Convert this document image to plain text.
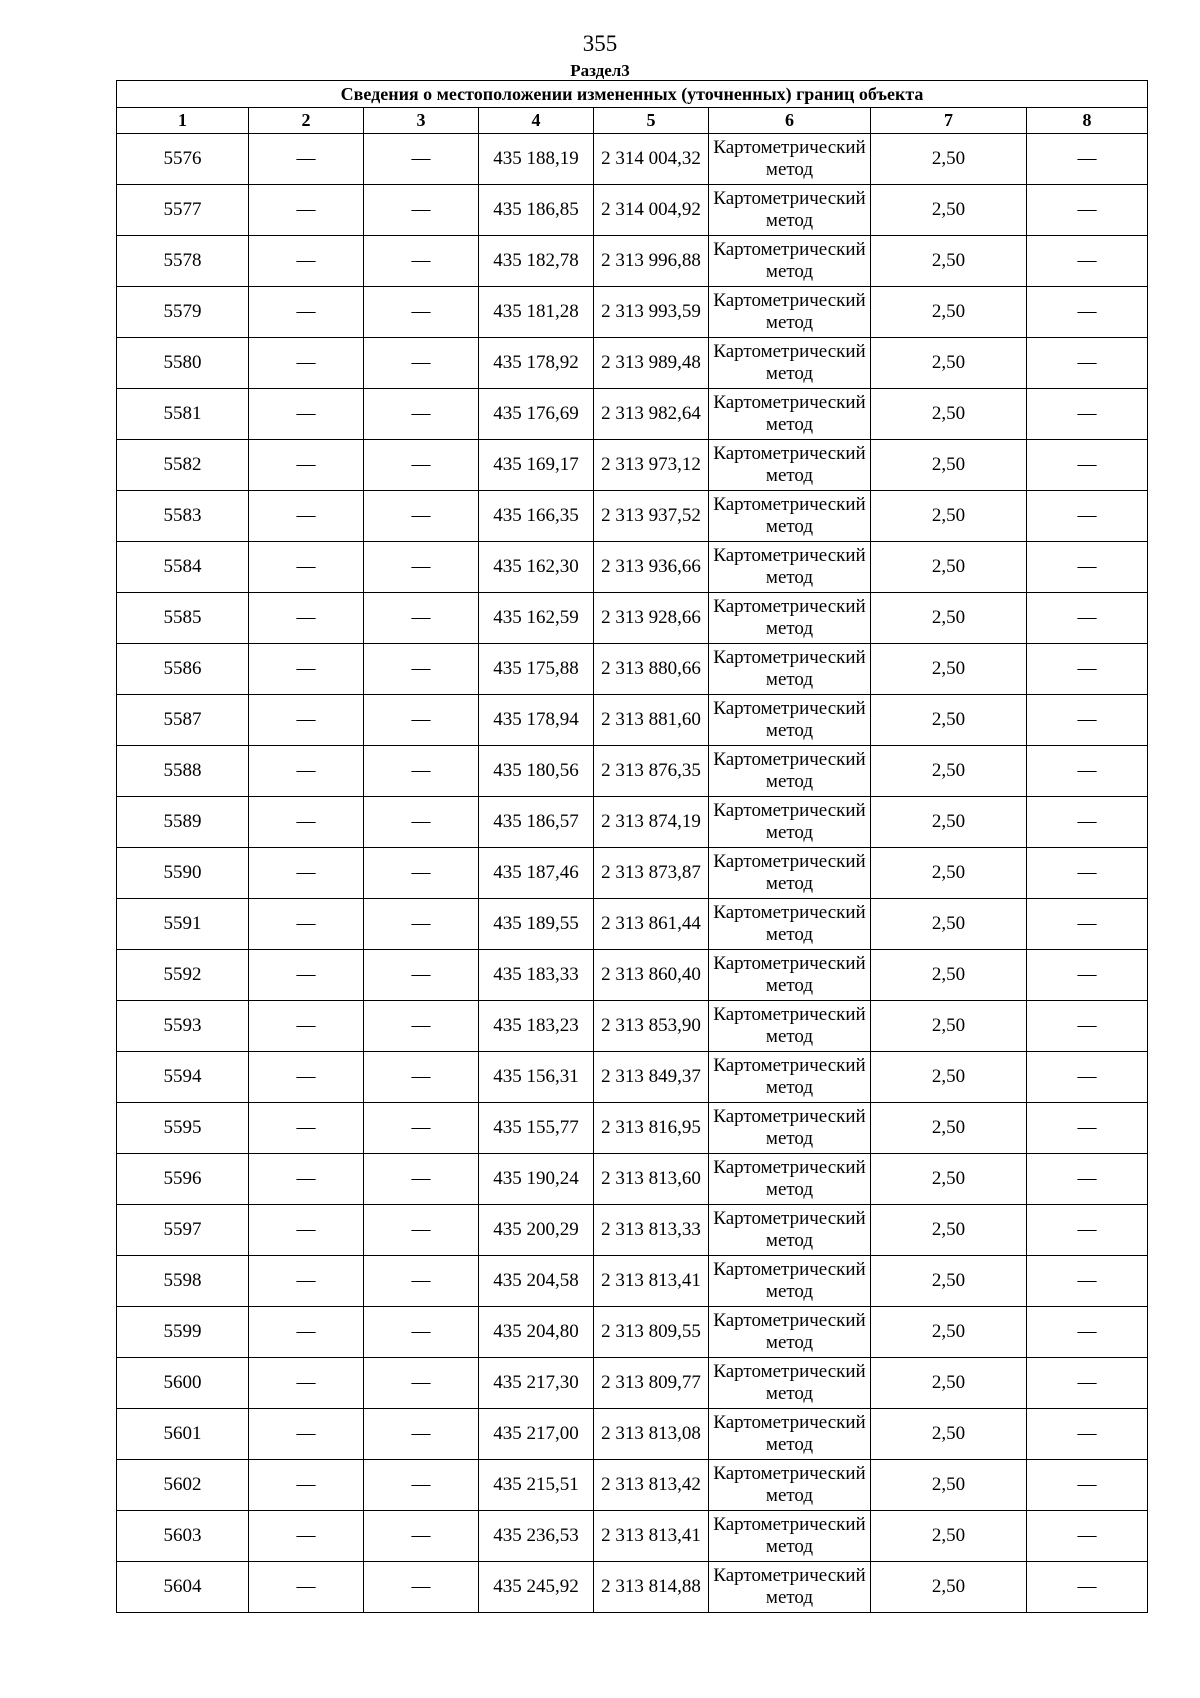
355
Раздел3
Сведения о местоположении измененных (уточненных) границ объекта							
1	2	3	4	5	6	7	8
5576	—	—	435 188,19	2 314 004,32	Картометрический метод	2,50	—
5577	—	—	435 186,85	2 314 004,92	Картометрический метод	2,50	—
5578	—	—	435 182,78	2 313 996,88	Картометрический метод	2,50	—
5579	—	—	435 181,28	2 313 993,59	Картометрический метод	2,50	—
5580	—	—	435 178,92	2 313 989,48	Картометрический метод	2,50	—
5581	—	—	435 176,69	2 313 982,64	Картометрический метод	2,50	—
5582	—	—	435 169,17	2 313 973,12	Картометрический метод	2,50	—
5583	—	—	435 166,35	2 313 937,52	Картометрический метод	2,50	—
5584	—	—	435 162,30	2 313 936,66	Картометрический метод	2,50	—
5585	—	—	435 162,59	2 313 928,66	Картометрический метод	2,50	—
5586	—	—	435 175,88	2 313 880,66	Картометрический метод	2,50	—
5587	—	—	435 178,94	2 313 881,60	Картометрический метод	2,50	—
5588	—	—	435 180,56	2 313 876,35	Картометрический метод	2,50	—
5589	—	—	435 186,57	2 313 874,19	Картометрический метод	2,50	—
5590	—	—	435 187,46	2 313 873,87	Картометрический метод	2,50	—
5591	—	—	435 189,55	2 313 861,44	Картометрический метод	2,50	—
5592	—	—	435 183,33	2 313 860,40	Картометрический метод	2,50	—
5593	—	—	435 183,23	2 313 853,90	Картометрический метод	2,50	—
5594	—	—	435 156,31	2 313 849,37	Картометрический метод	2,50	—
5595	—	—	435 155,77	2 313 816,95	Картометрический метод	2,50	—
5596	—	—	435 190,24	2 313 813,60	Картометрический метод	2,50	—
5597	—	—	435 200,29	2 313 813,33	Картометрический метод	2,50	—
5598	—	—	435 204,58	2 313 813,41	Картометрический метод	2,50	—
5599	—	—	435 204,80	2 313 809,55	Картометрический метод	2,50	—
5600	—	—	435 217,30	2 313 809,77	Картометрический метод	2,50	—
5601	—	—	435 217,00	2 313 813,08	Картометрический метод	2,50	—
5602	—	—	435 215,51	2 313 813,42	Картометрический метод	2,50	—
5603	—	—	435 236,53	2 313 813,41	Картометрический метод	2,50	—
5604	—	—	435 245,92	2 313 814,88	Картометрический метод	2,50	—
